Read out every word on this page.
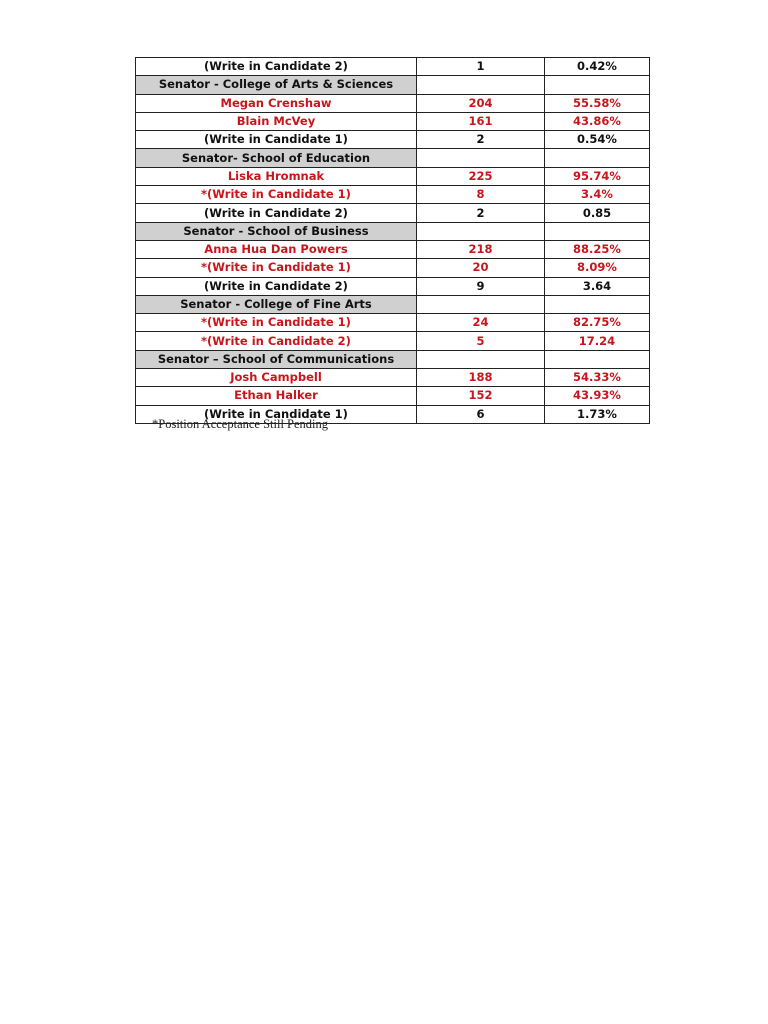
(Write in Candidate 2)	1	0.42%
Senator - College of Arts & Sciences		
Megan Crenshaw	204	55.58%
Blain McVey	161	43.86%
(Write in Candidate 1)	2	0.54%
Senator- School of Education		
Liska Hromnak	225	95.74%
*(Write in Candidate 1)	8	3.4%
(Write in Candidate 2)	2	0.85
Senator - School of Business		
Anna Hua Dan Powers	218	88.25%
*(Write in Candidate 1)	20	8.09%
(Write in Candidate 2)	9	3.64
Senator - College of Fine Arts		
*(Write in Candidate 1)	24	82.75%
*(Write in Candidate 2)	5	17.24
Senator – School of Communications		
Josh Campbell	188	54.33%
Ethan Halker	152	43.93%
(Write in Candidate 1)	6	1.73%
*Position Acceptance Still Pending
